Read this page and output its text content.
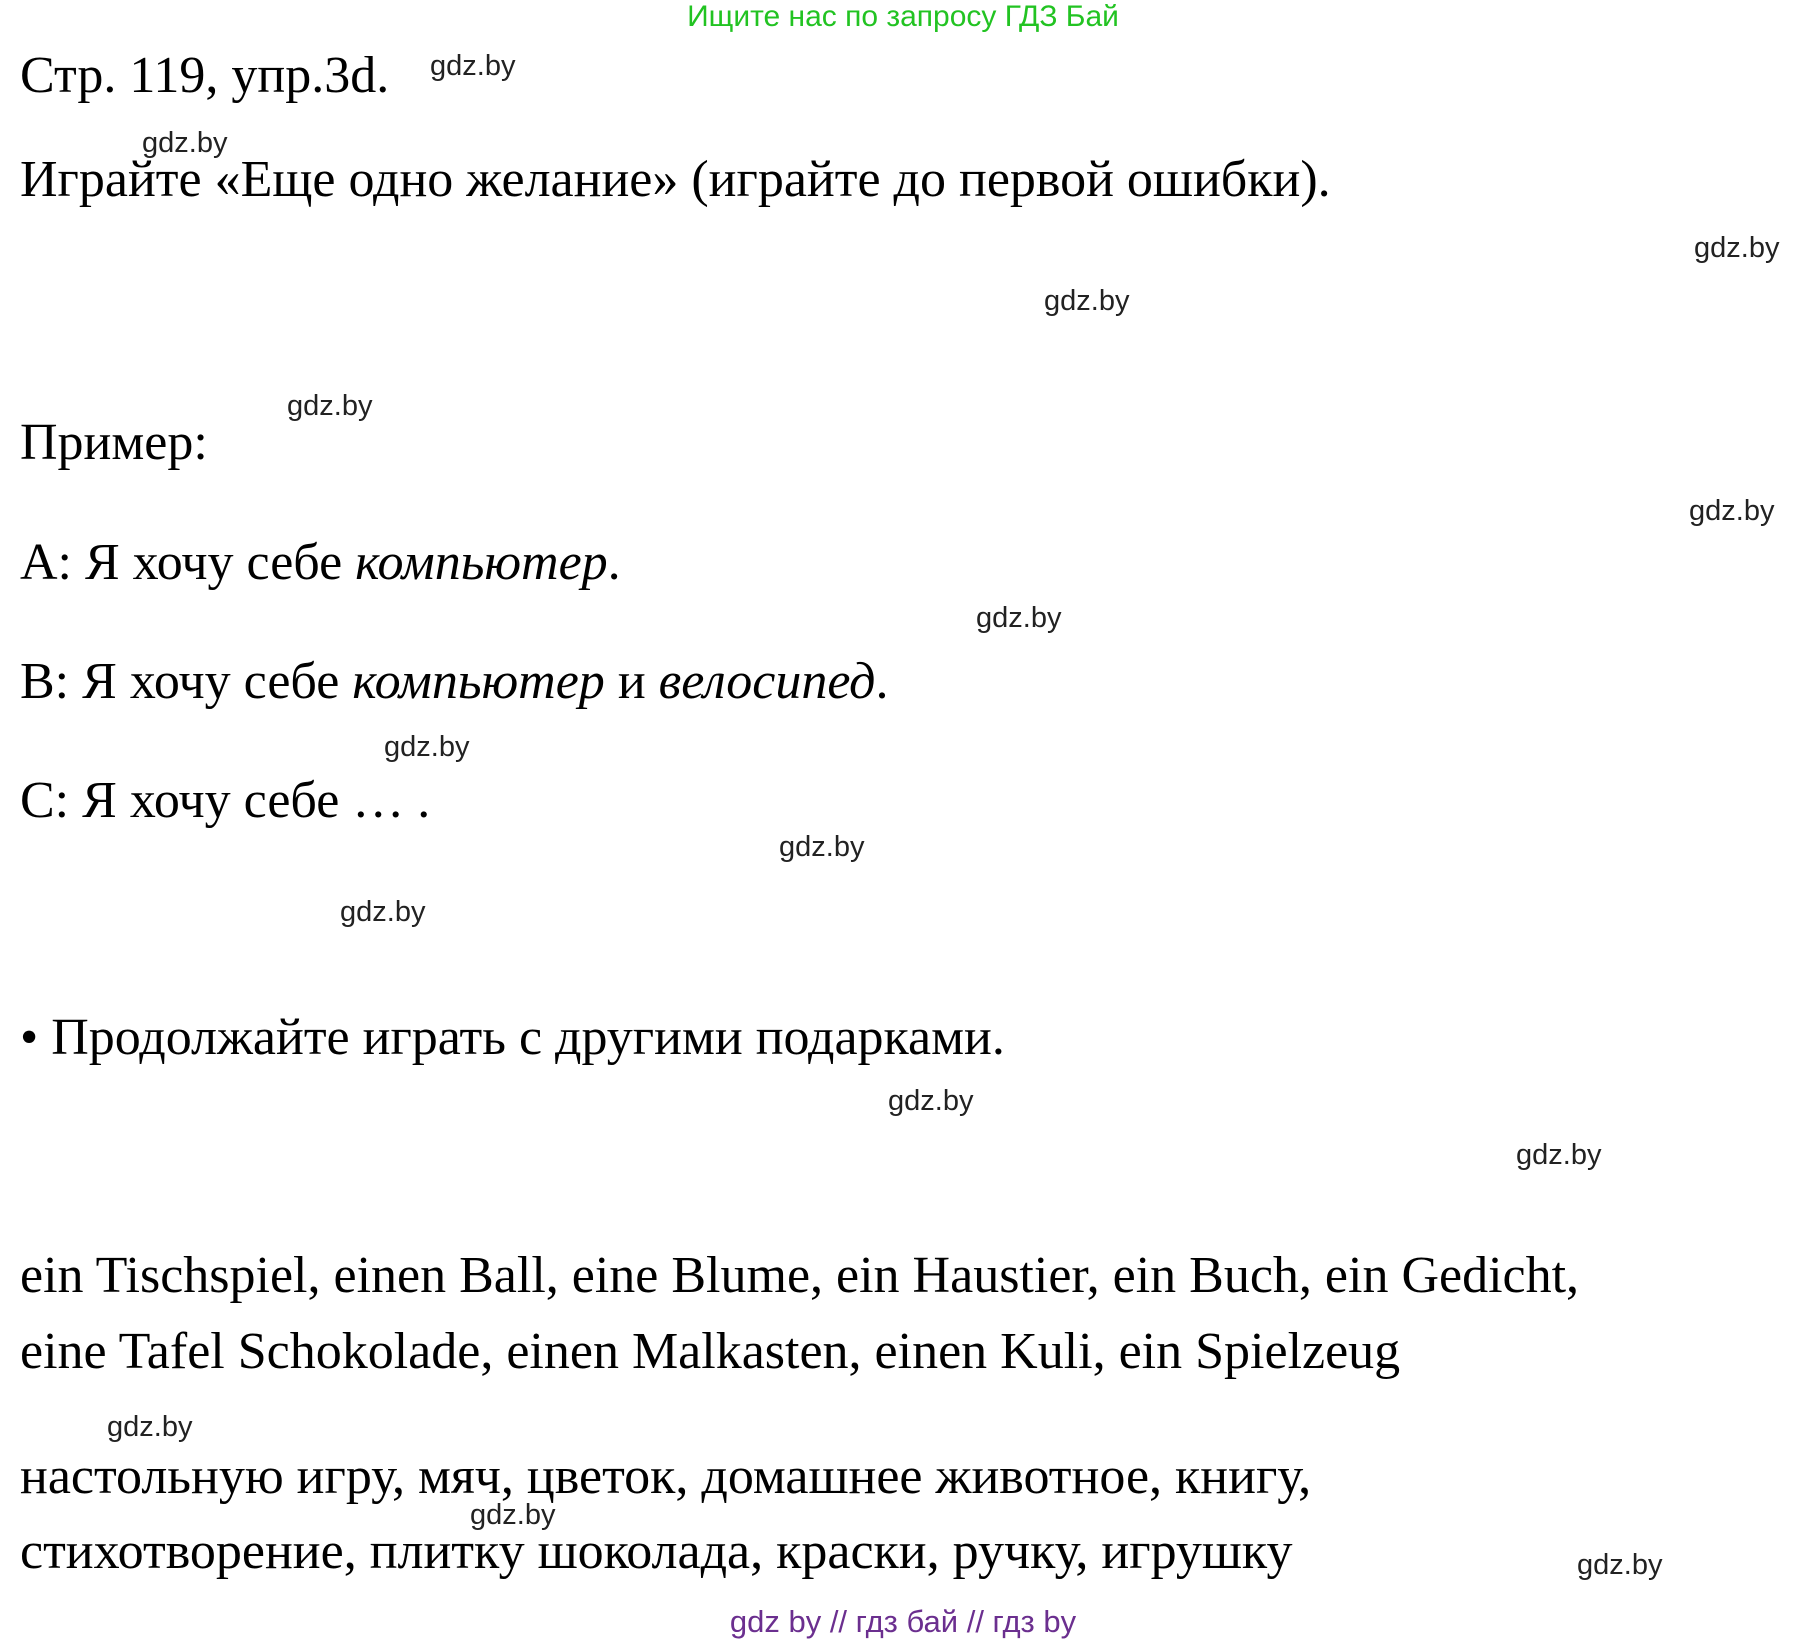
Ищите нас по запросу ГДЗ Бай
Стр. 119, упр.3d.
Играйте «Еще одно желание» (играйте до первой ошибки).
Пример:
А: Я хочу себе компьютер.
В: Я хочу себе компьютер и велосипед.
С: Я хочу себе … .
• Продолжайте играть с другими подарками.
ein Tischspiel, einen Ball, eine Blume, ein Haustier, ein Buch, ein Gedicht,
eine Tafel Schokolade, einen Malkasten, einen Kuli, ein Spielzeug
настольную игру, мяч, цветок, домашнее животное, книгу,
стихотворение, плитку шоколада, краски, ручку, игрушку
gdz.by
gdz.by
gdz.by
gdz.by
gdz.by
gdz.by
gdz.by
gdz.by
gdz.by
gdz.by
gdz.by
gdz.by
gdz.by
gdz.by
gdz.by
gdz by // гдз бай // гдз by
